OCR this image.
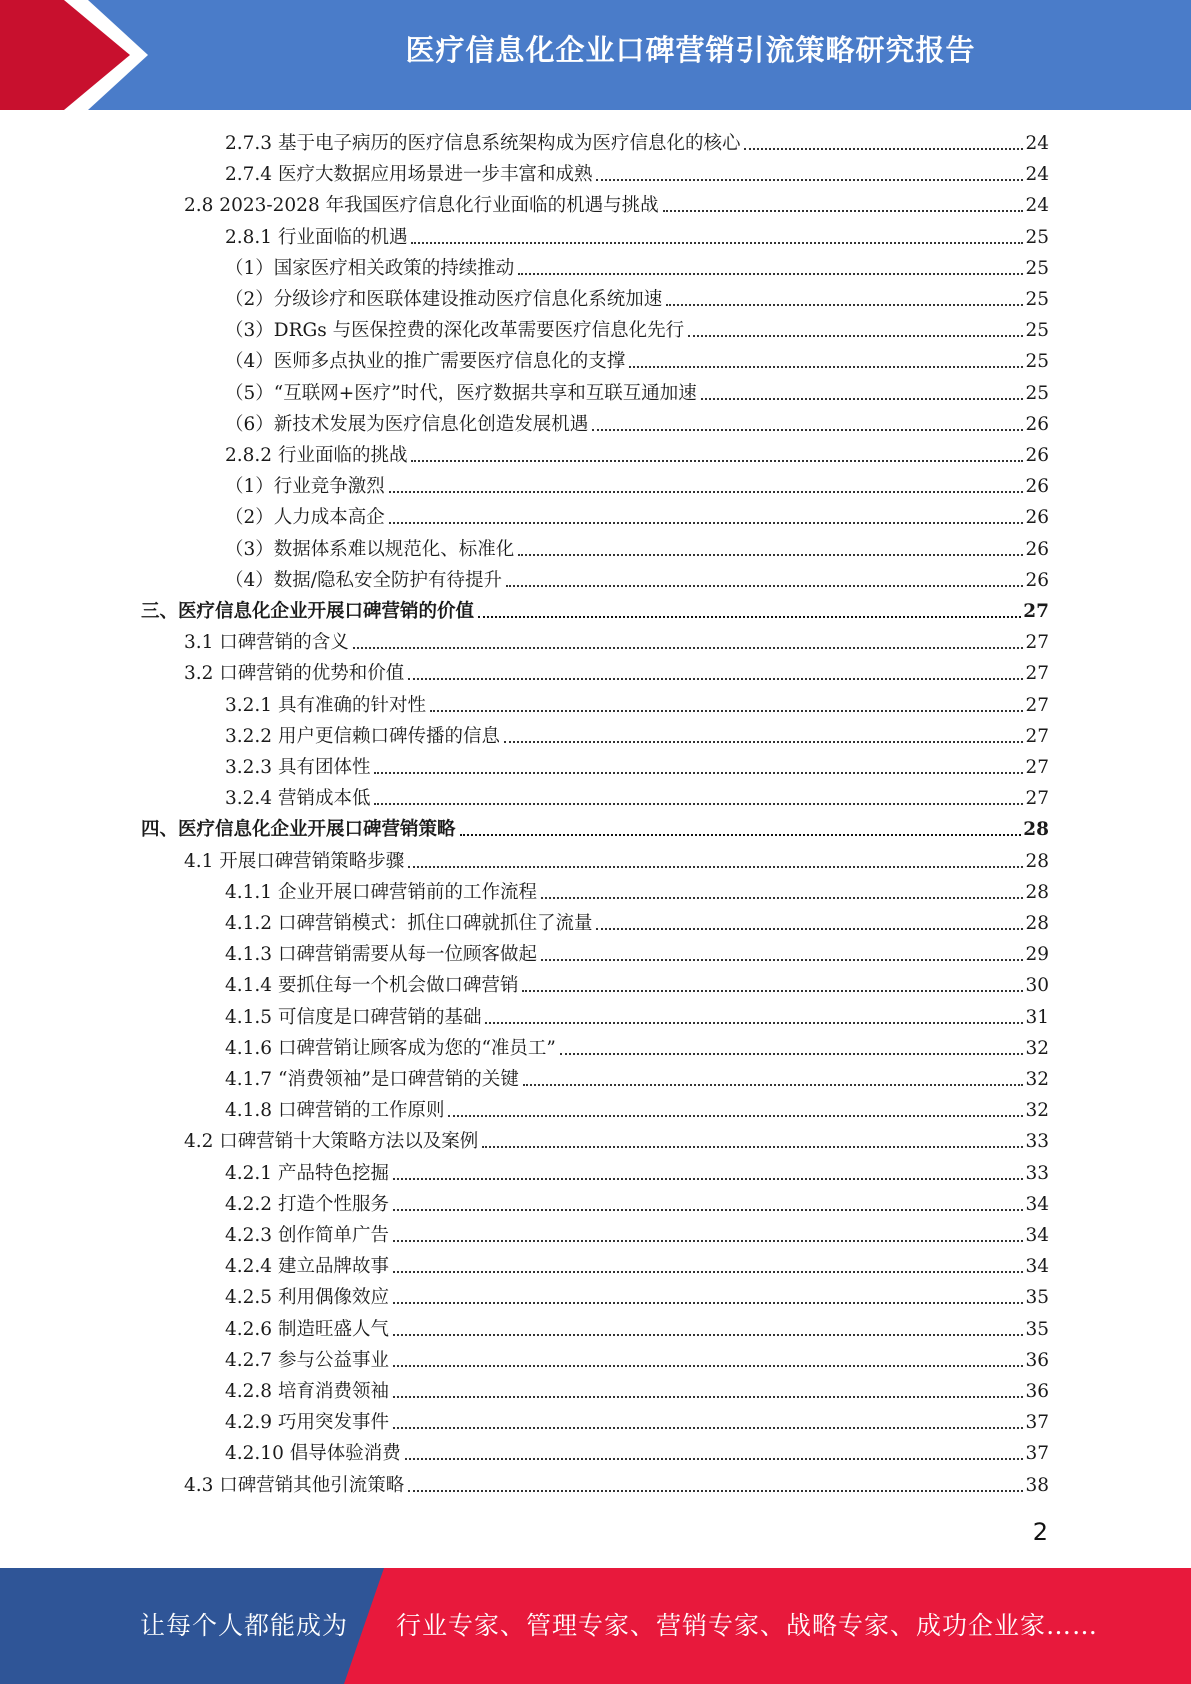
医疗信息化企业口碑营销引流策略研究报告
2.7.3 基于电子病历的医疗信息系统架构成为医疗信息化的核心	24
2.7.4 医疗大数据应用场景进一步丰富和成熟	24
2.8 2023-2028 年我国医疗信息化行业面临的机遇与挑战	24
2.8.1 行业面临的机遇	25
（1）国家医疗相关政策的持续推动	25
（2）分级诊疗和医联体建设推动医疗信息化系统加速	25
（3）DRGs 与医保控费的深化改革需要医疗信息化先行	25
（4）医师多点执业的推广需要医疗信息化的支撑	25
（5）“互联网+医疗”时代，医疗数据共享和互联互通加速	25
（6）新技术发展为医疗信息化创造发展机遇	26
2.8.2 行业面临的挑战	26
（1）行业竞争激烈	26
（2）人力成本高企	26
（3）数据体系难以规范化、标准化	26
（4）数据/隐私安全防护有待提升	26
三、医疗信息化企业开展口碑营销的价值	27
3.1 口碑营销的含义	27
3.2 口碑营销的优势和价值	27
3.2.1 具有准确的针对性	27
3.2.2 用户更信赖口碑传播的信息	27
3.2.3 具有团体性	27
3.2.4 营销成本低	27
四、医疗信息化企业开展口碑营销策略	28
4.1 开展口碑营销策略步骤	28
4.1.1 企业开展口碑营销前的工作流程	28
4.1.2 口碑营销模式：抓住口碑就抓住了流量	28
4.1.3 口碑营销需要从每一位顾客做起	29
4.1.4 要抓住每一个机会做口碑营销	30
4.1.5 可信度是口碑营销的基础	31
4.1.6 口碑营销让顾客成为您的“准员工”	32
4.1.7 “消费领袖”是口碑营销的关键	32
4.1.8 口碑营销的工作原则	32
4.2 口碑营销十大策略方法以及案例	33
4.2.1 产品特色挖掘	33
4.2.2 打造个性服务	34
4.2.3 创作简单广告	34
4.2.4 建立品牌故事	34
4.2.5 利用偶像效应	35
4.2.6 制造旺盛人气	35
4.2.7 参与公益事业	36
4.2.8 培育消费领袖	36
4.2.9 巧用突发事件	37
4.2.10 倡导体验消费	37
4.3 口碑营销其他引流策略	38
2
让每个人都能成为 行业专家、管理专家、营销专家、战略专家、成功企业家……
